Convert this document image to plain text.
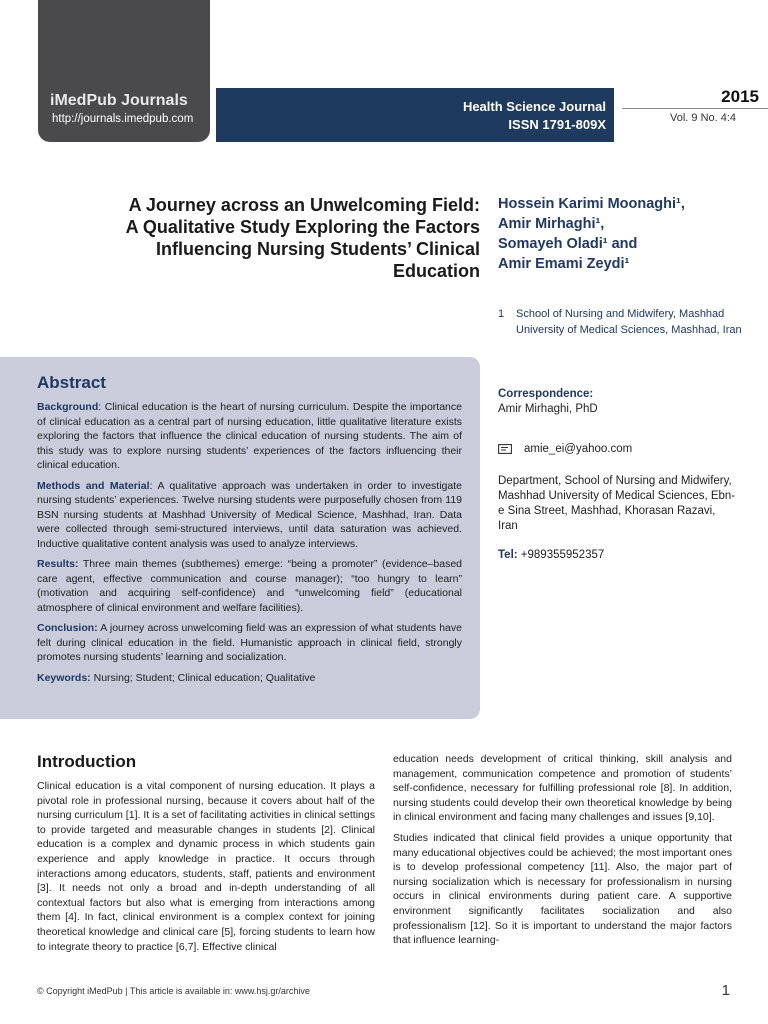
iMedPub Journals
http://journals.imedpub.com
Health Science Journal
ISSN 1791-809X
2015
Vol. 9 No. 4:4
A Journey across an Unwelcoming Field: A Qualitative Study Exploring the Factors Influencing Nursing Students’ Clinical Education
Hossein Karimi Moonaghi¹,
Amir Mirhaghi¹,
Somayeh Oladi¹ and
Amir Emami Zeydi¹
1 School of Nursing and Midwifery, Mashhad University of Medical Sciences, Mashhad, Iran
Abstract

Background: Clinical education is the heart of nursing curriculum. Despite the importance of clinical education as a central part of nursing education, little qualitative literature exists exploring the factors that influence the clinical education of nursing students. The aim of this study was to explore nursing students’ experiences of the factors influencing their clinical education.

Methods and Material: A qualitative approach was undertaken in order to investigate nursing students’ experiences. Twelve nursing students were purposefully chosen from 119 BSN nursing students at Mashhad University of Medical Science, Mashhad, Iran. Data were collected through semi-structured interviews, until data saturation was achieved. Inductive qualitative content analysis was used to analyze interviews.

Results: Three main themes (subthemes) emerge: “being a promoter” (evidence–based care agent, effective communication and course manager); “too hungry to learn” (motivation and acquiring self-confidence) and “unwelcoming field” (educational atmosphere of clinical environment and welfare facilities).

Conclusion: A journey across unwelcoming field was an expression of what students have felt during clinical education in the field. Humanistic approach in clinical field, strongly promotes nursing students’ learning and socialization.

Keywords: Nursing; Student; Clinical education; Qualitative

Correspondence:
Amir Mirhaghi, PhD
amie_ei@yahoo.com
Department, School of Nursing and Midwifery, Mashhad University of Medical Sciences, Ebn-e Sina Street, Mashhad, Khorasan Razavi, Iran
Tel: +989355952357
Introduction

Clinical education is a vital component of nursing education. It plays a pivotal role in professional nursing, because it covers about half of the nursing curriculum [1]. It is a set of facilitating activities in clinical settings to provide targeted and measurable changes in students [2]. Clinical education is a complex and dynamic process in which students gain experience and apply knowledge in practice. It occurs through interactions among educators, students, staff, patients and environment [3]. It needs not only a broad and in-depth understanding of all contextual factors but also what is emerging from interactions among them [4]. In fact, clinical environment is a complex context for joining theoretical knowledge and clinical care [5], forcing students to learn how to integrate theory to practice [6,7]. Effective clinical

education needs development of critical thinking, skill analysis and management, communication competence and promotion of students’ self-confidence, necessary for fulfilling professional role [8]. In addition, nursing students could develop their own theoretical knowledge by being in clinical environment and facing many challenges and issues [9,10].

Studies indicated that clinical field provides a unique opportunity that many educational objectives could be achieved; the most important ones is to develop professional competency [11]. Also, the major part of nursing socialization which is necessary for professionalism in nursing occurs in clinical environments during patient care. A supportive environment significantly facilitates socialization and also professionalism [12]. So it is important to understand the major factors that influence learning-

© Copyright iMedPub | This article is available in: www.hsj.gr/archive	1
